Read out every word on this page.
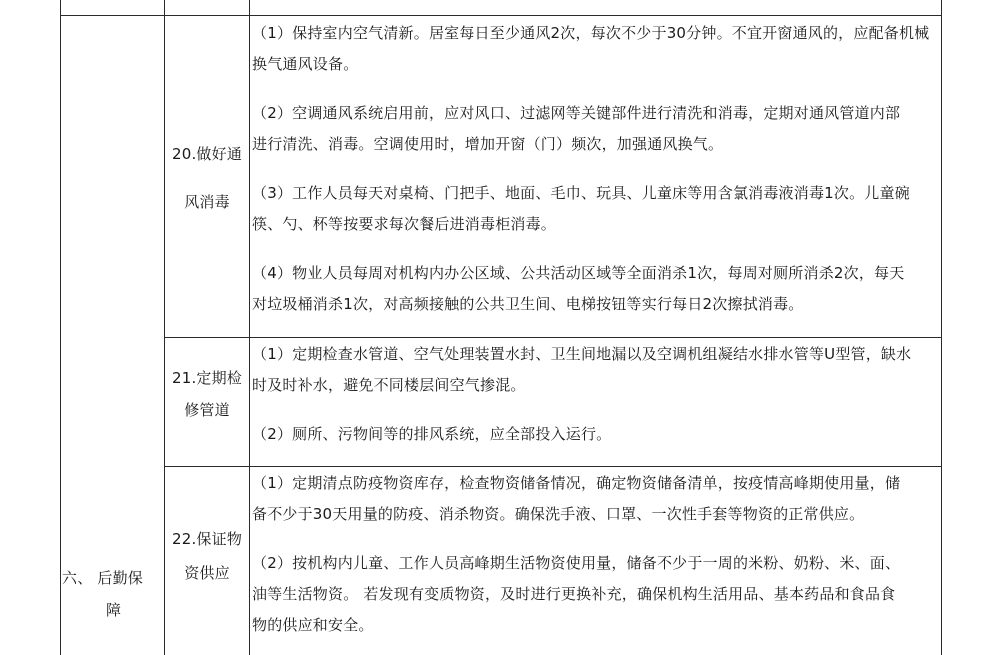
六、 后勤保
障
20.做好通
风消毒
（1）保持室内空气清新。居室每日至少通风2次，每次不少于30分钟。不宜开窗通风的，应配备机械
换气通风设备。
（2）空调通风系统启用前，应对风口、过滤网等关键部件进行清洗和消毒，定期对通风管道内部
进行清洗、消毒。空调使用时，增加开窗（门）频次，加强通风换气。
（3）工作人员每天对桌椅、门把手、地面、毛巾、玩具、儿童床等用含氯消毒液消毒1次。儿童碗
筷、勺、杯等按要求每次餐后进消毒柜消毒。
（4）物业人员每周对机构内办公区域、公共活动区域等全面消杀1次，每周对厕所消杀2次，每天
对垃圾桶消杀1次，对高频接触的公共卫生间、电梯按钮等实行每日2次擦拭消毒。
21.定期检
修管道
（1）定期检查水管道、空气处理装置水封、卫生间地漏以及空调机组凝结水排水管等U型管，缺水
时及时补水，避免不同楼层间空气掺混。
（2）厕所、污物间等的排风系统，应全部投入运行。
22.保证物
资供应
（1）定期清点防疫物资库存，检查物资储备情况，确定物资储备清单，按疫情高峰期使用量，储
备不少于30天用量的防疫、消杀物资。确保洗手液、口罩、一次性手套等物资的正常供应。
（2）按机构内儿童、工作人员高峰期生活物资使用量，储备不少于一周的米粉、奶粉、米、面、
油等生活物资。 若发现有变质物资，及时进行更换补充，确保机构生活用品、基本药品和食品食
物的供应和安全。
